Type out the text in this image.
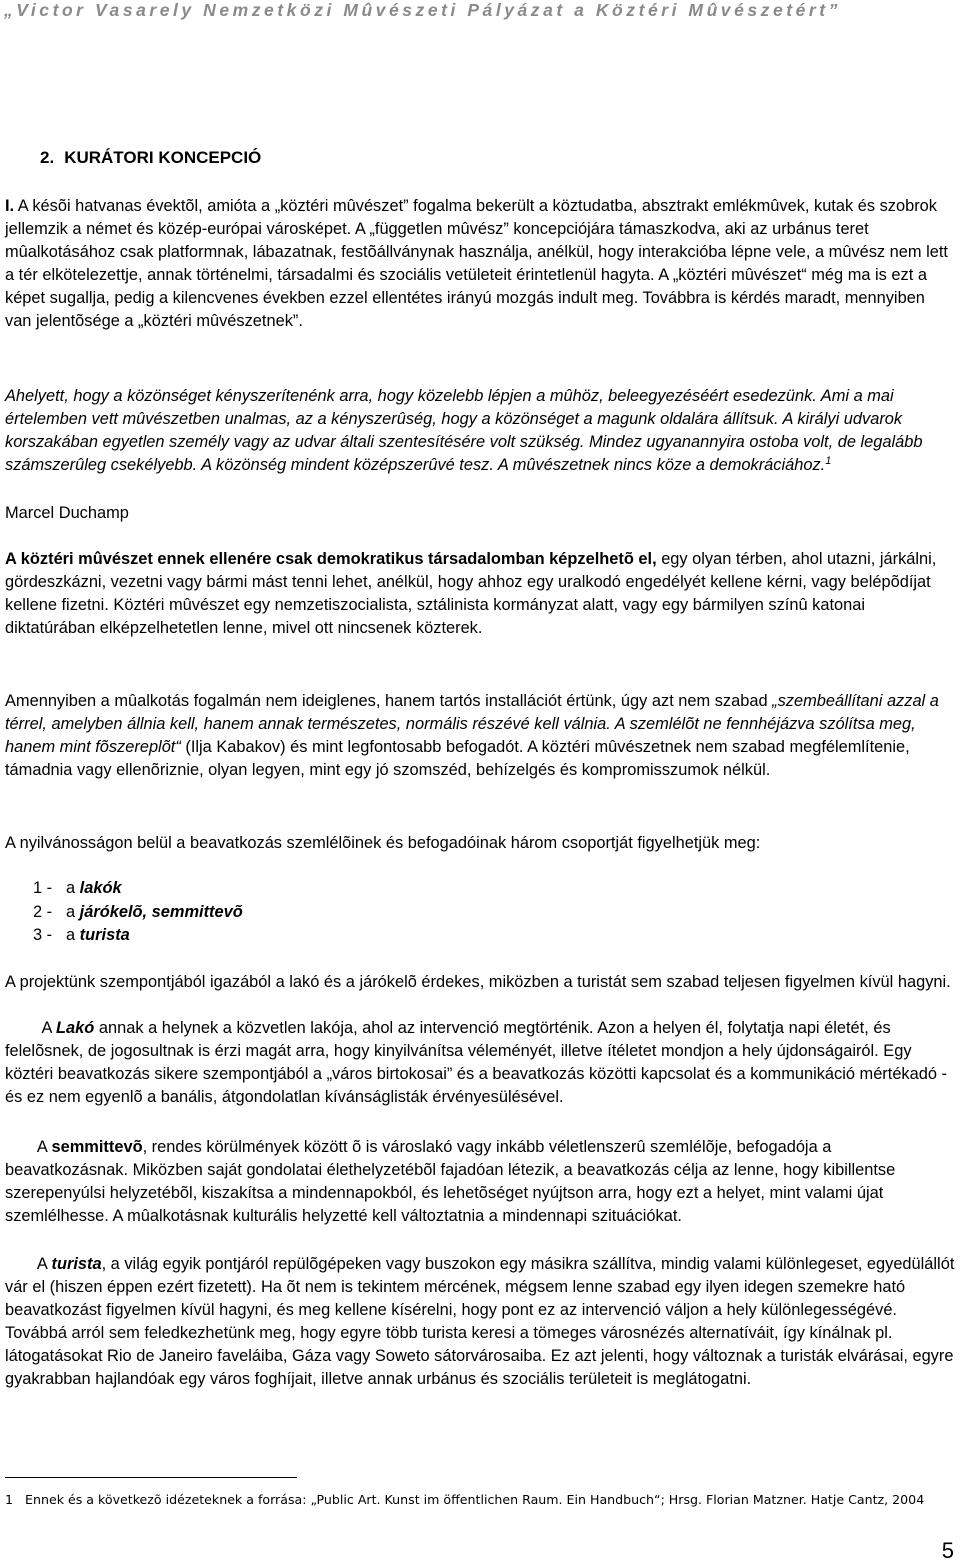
„Victor Vasarely Nemzetközi Mûvészeti Pályázat a Köztéri Mûvészetért”
2. KURÁTORI KONCEPCIÓ

I. A késõi hatvanas évektõl, amióta a „köztéri mûvészet” fogalma bekerült a köztudatba, absztrakt emlékmûvek, kutak és szobrok jellemzik a német és közép-európai városképet. A „független mûvész” koncepciójára támaszkodva, aki az urbánus teret mûalkotásához csak platformnak, lábazatnak, festõállványnak használja, anélkül, hogy interakcióba lépne vele, a mûvész nem lett a tér elkötelezettje, annak történelmi, társadalmi és szociális vetületeit érintetlenül hagyta. A „köztéri mûvészet“ még ma is ezt a képet sugallja, pedig a kilencvenes években ezzel ellentétes irányú mozgás indult meg. Továbbra is kérdés maradt, mennyiben van jelentõsége a „köztéri mûvészetnek”.

Ahelyett, hogy a közönséget kényszerítenénk arra, hogy közelebb lépjen a mûhöz, beleegyezéséért esedezünk. Ami a mai értelemben vett mûvészetben unalmas, az a kényszerûség, hogy a közönséget a magunk oldalára állítsuk. A királyi udvarok korszakában egyetlen személy vagy az udvar általi szentesítésére volt szükség. Mindez ugyanannyira ostoba volt, de legalább számszerûleg csekélyebb. A közönség mindent középszerûvé tesz. A mûvészetnek nincs köze a demokráciához.$^1$

Marcel Duchamp

A köztéri mûvészet ennek ellenére csak demokratikus társadalomban képzelhetõ el, egy olyan térben, ahol utazni, járkálni, gördeszkázni, vezetni vagy bármi mást tenni lehet, anélkül, hogy ahhoz egy uralkodó engedélyét kellene kérni, vagy belépõdíjat kellene fizetni. Köztéri mûvészet egy nemzetiszocialista, sztálinista kormányzat alatt, vagy egy bármilyen színû katonai diktatúrában elképzelhetetlen lenne, mivel ott nincsenek közterek.

Amennyiben a mûalkotás fogalmán nem ideiglenes, hanem tartós installációt értünk, úgy azt nem szabad „szembeállítani azzal a térrel, amelyben állnia kell, hanem annak természetes, normális részévé kell válnia. A szemlélõt ne fennhéjázva szólítsa meg, hanem mint fõszereplõt“ (Ilja Kabakov) és mint legfontosabb befogadót. A köztéri mûvészetnek nem szabad megfélemlítenie, támadnia vagy ellenõriznie, olyan legyen, mint egy jó szomszéd, behízelgés és kompromisszumok nélkül.

A nyilvánosságon belül a beavatkozás szemlélõinek és befogadóinak három csoportját figyelhetjük meg:

1 - a lakók
2 - a járókelõ, semmittevõ
3 - a turista

A projektünk szempontjából igazából a lakó és a járókelõ érdekes, miközben a turistát sem szabad teljesen figyelmen kívül hagyni.

A Lakó annak a helynek a közvetlen lakója, ahol az intervenció megtörténik. Azon a helyen él, folytatja napi életét, és felelõsnek, de jogosultnak is érzi magát arra, hogy kinyilvánítsa véleményét, illetve ítéletet mondjon a hely újdonságairól. Egy köztéri beavatkozás sikere szempontjából a „város birtokosai” és a beavatkozás közötti kapcsolat és a kommunikáció mértékadó - és ez nem egyenlõ a banális, átgondolatlan kívánságlisták érvényesülésével.

A semmittevõ, rendes körülmények között õ is városlakó vagy inkább véletlenszerû szemlélõje, befogadója a beavatkozásnak. Miközben saját gondolatai élethelyzetébõl fajadóan létezik, a beavatkozás célja az lenne, hogy kibillentse szerepenyúlsi helyzetébõl, kiszakítsa a mindennapokból, és lehetõséget nyújtson arra, hogy ezt a helyet, mint valami újat szemlélhesse. A mûalkotásnak kulturális helyzetté kell változtatnia a mindennapi szituációkat.

A turista, a világ egyik pontjáról repülõgépeken vagy buszokon egy másikra szállítva, mindig valami különlegeset, egyedülállót vár el (hiszen éppen ezért fizetett). Ha õt nem is tekintem mércének, mégsem lenne szabad egy ilyen idegen szemekre ható beavatkozást figyelmen kívül hagyni, és meg kellene kísérelni, hogy pont ez az intervenció váljon a hely különlegességévé. Továbbá arról sem feledkezhetünk meg, hogy egyre több turista keresi a tömeges városnézés alternatíváit, így kínálnak pl. látogatásokat Rio de Janeiro faveláiba, Gáza vagy Soweto sátorvárosaiba. Ez azt jelenti, hogy változnak a turisták elvárásai, egyre gyakrabban hajlandóak egy város foghíjait, illetve annak urbánus és szociális területeit is meglátogatni.

1 Ennek és a következõ idézeteknek a forrása: „Public Art. Kunst im öffentlichen Raum. Ein Handbuch“; Hrsg. Florian Matzner. Hatje Cantz, 2004
5
